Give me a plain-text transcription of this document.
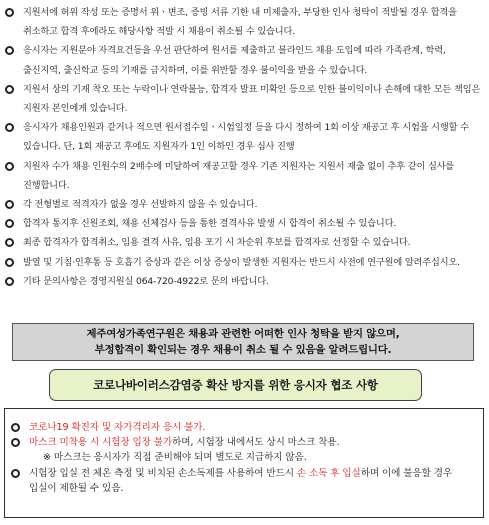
지원서에 허위 작성 또는 증명서 위ㆍ변조, 증빙 서류 기한 내 미제출자, 부당한 인사 청탁이 적발될 경우 합격을 취소하고 합격 후에라도 해당사항 적발 시 채용이 취소될 수 있습니다.
응시자는 지원분야 자격요건등을 우선 판단하여 원서를 제출하고 블라인드 채용 도입에 따라 가족관계, 학력, 출신지역, 출신학교 등의 기재를 금지하며, 이를 위반할 경우 불이익을 받을 수 있습니다.
지원서 상의 기재 착오 또는 누락이나 연락불능, 합격자 발표 미확인 등으로 인한 불이익이나 손해에 대한 모든 책임은 지원자 본인에게 있습니다.
응시자가 채용인원과 같거나 적으면 원서접수일ㆍ시험일정 등을 다시 정하여 1회 이상 재공고 후 시험을 시행할 수 있습니다. 단, 1회 재공고 후에도 지원자가 1인 이하인 경우 심사 진행
지원자 수가 채용 인원수의 2배수에 미달하여 재공고할 경우 기존 지원자는 지원서 재출 없이 추후 같이 심사를 진행합니다.
각 전형별로 적격자가 없을 경우 선발하지 않을 수 있습니다.
합격자 통지후 신원조회, 채용 신체검사 등을 통한 결격사유 발생 시 합격이 취소될 수 있습니다.
최종 합격자가 합격취소, 임용 결격 사유, 임용 포기 시 차순위 후보를 합격자로 선정할 수 있습니다.
발열 및 기침·인후통 등 호흡기 증상과 같은 이상 증상이 발생한 지원자는 반드시 사전에 연구원에 알려주십시오.
기타 문의사항은 경영지원실 064-720-4922로 문의 바랍니다.
제주여성가족연구원은 채용과 관련한 어떠한 인사 청탁을 받지 않으며,
부정합격이 확인되는 경우 채용이 취소 될 수 있음을 알려드립니다.
코로나바이러스감염증 확산 방지를 위한 응시자 협조 사항
코로나19 확진자 및 자가격리자 응시 불가.
마스크 미착용 시 시험장 입장 불가하며, 시험장 내에서도 상시 마스크 착용.
※ 마스크는 응시자가 직접 준비해야 되며 별도로 지급하지 않음.
시험장 입실 전 체온 측정 및 비치된 손소독제를 사용하여 반드시 손 소독 후 입실하며 이에 불응할 경우 입실이 제한될 수 있음.
